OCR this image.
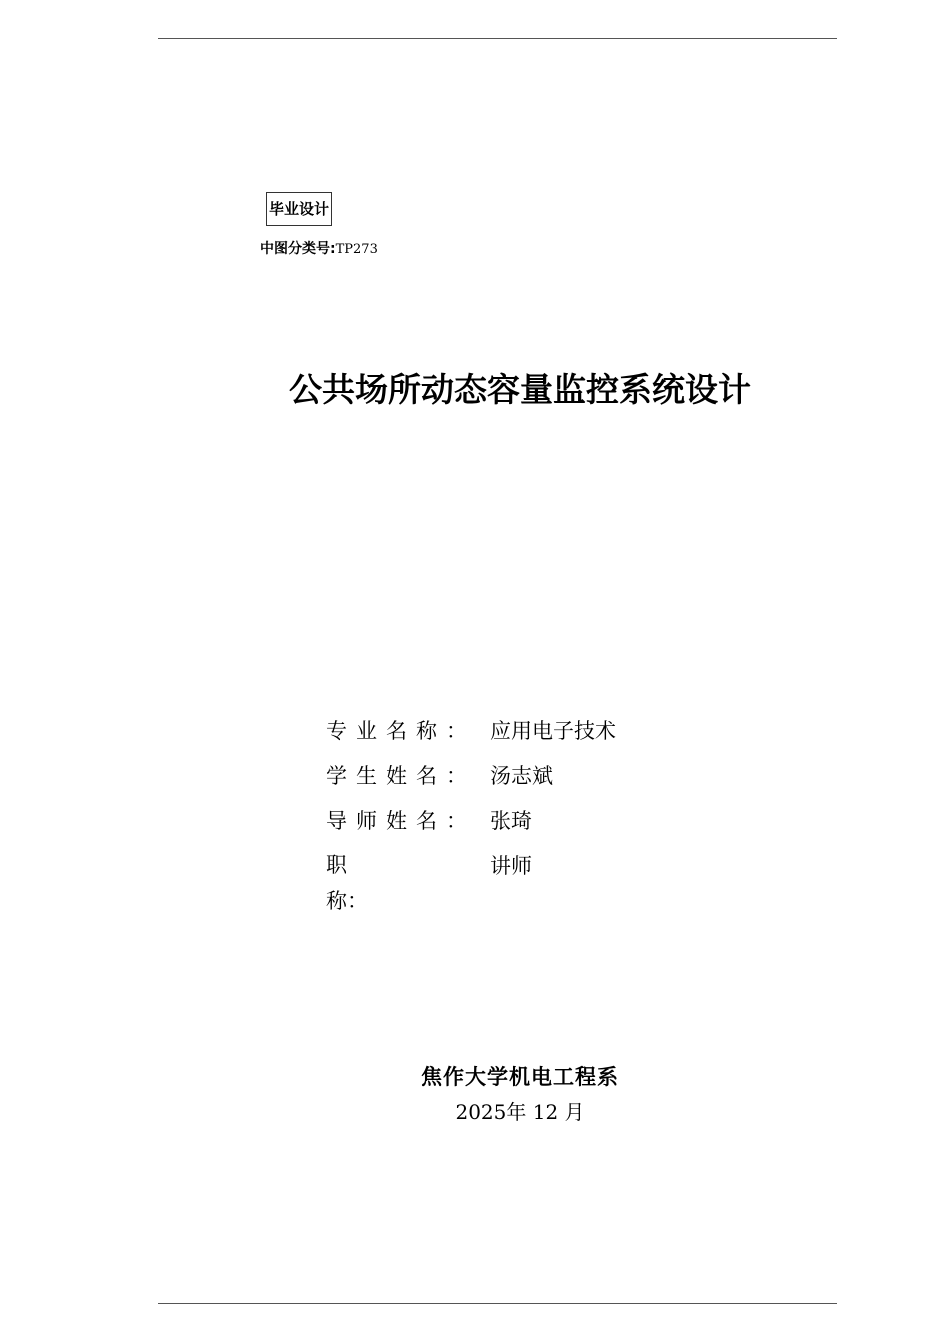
毕业设计
中图分类号:TP273
公共场所动态容量监控系统设计
专业名称： 应用电子技术
学生姓名： 汤志斌
导师姓名： 张琦
职称：
讲师
焦作大学机电工程系
2025年 12 月
